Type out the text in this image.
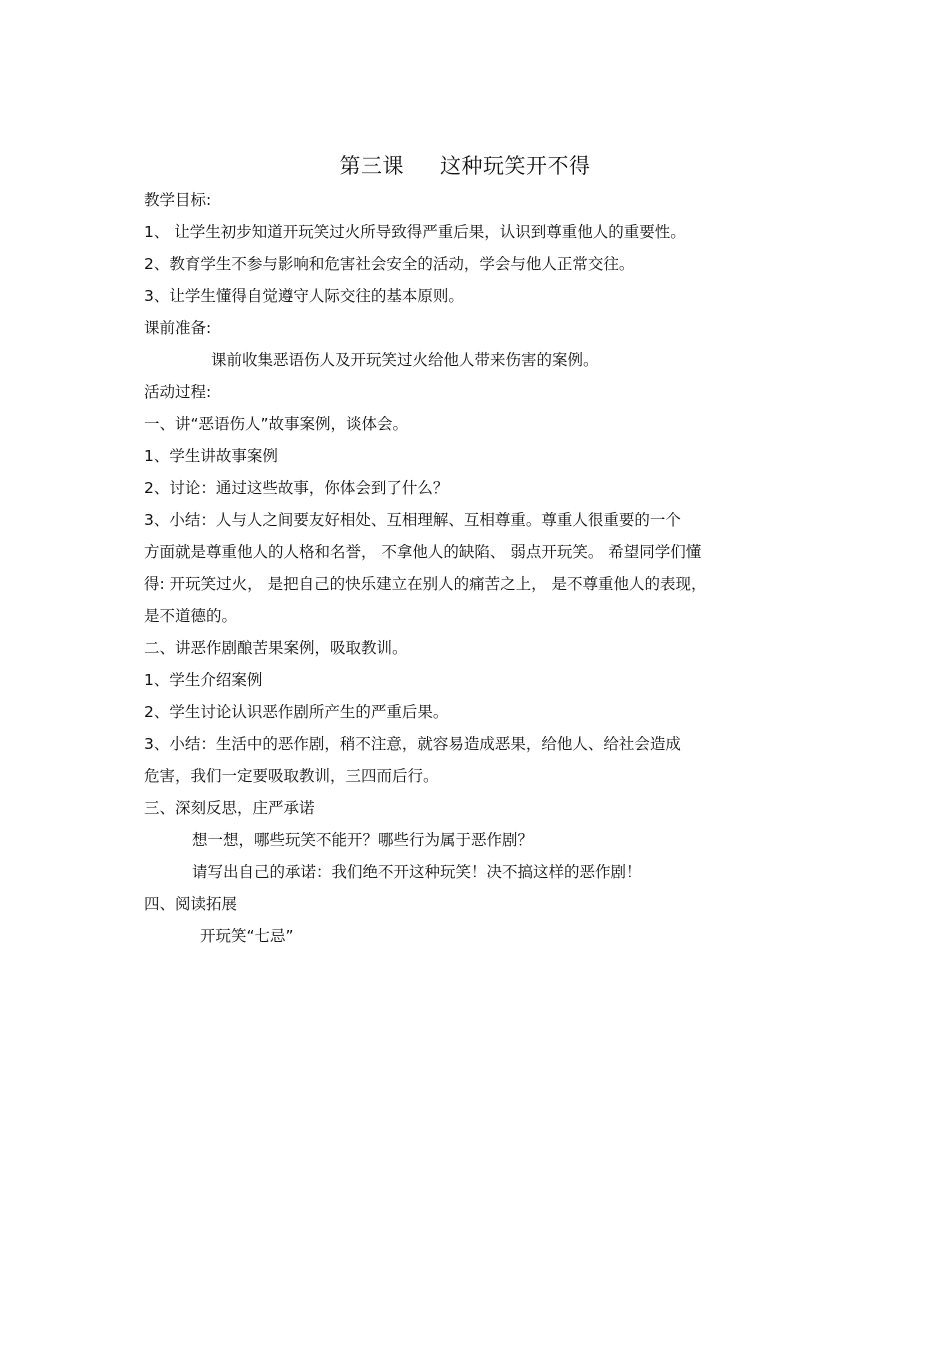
第三课 这种玩笑开不得
教学目标:
1、 让学生初步知道开玩笑过火所导致得严重后果，认识到尊重他人的重要性。
2、教育学生不参与影响和危害社会安全的活动，学会与他人正常交往。
3、让学生懂得自觉遵守人际交往的基本原则。
课前准备:
课前收集恶语伤人及开玩笑过火给他人带来伤害的案例。
活动过程:
一、讲“恶语伤人”故事案例，谈体会。
1、学生讲故事案例
2、讨论：通过这些故事，你体会到了什么？
3、小结：人与人之间要友好相处、互相理解、互相尊重。尊重人很重要的一个
方面就是尊重他人的人格和名誉， 不拿他人的缺陷、 弱点开玩笑。 希望同学们懂
得: 开玩笑过火， 是把自己的快乐建立在别人的痛苦之上， 是不尊重他人的表现，
是不道德的。
二、讲恶作剧酿苦果案例，吸取教训。
1、学生介绍案例
2、学生讨论认识恶作剧所产生的严重后果。
3、小结：生活中的恶作剧，稍不注意，就容易造成恶果，给他人、给社会造成
危害，我们一定要吸取教训，三四而后行。
三、深刻反思，庄严承诺
想一想，哪些玩笑不能开？哪些行为属于恶作剧？
请写出自己的承诺：我们绝不开这种玩笑！决不搞这样的恶作剧！
四、阅读拓展
开玩笑“七忌”
